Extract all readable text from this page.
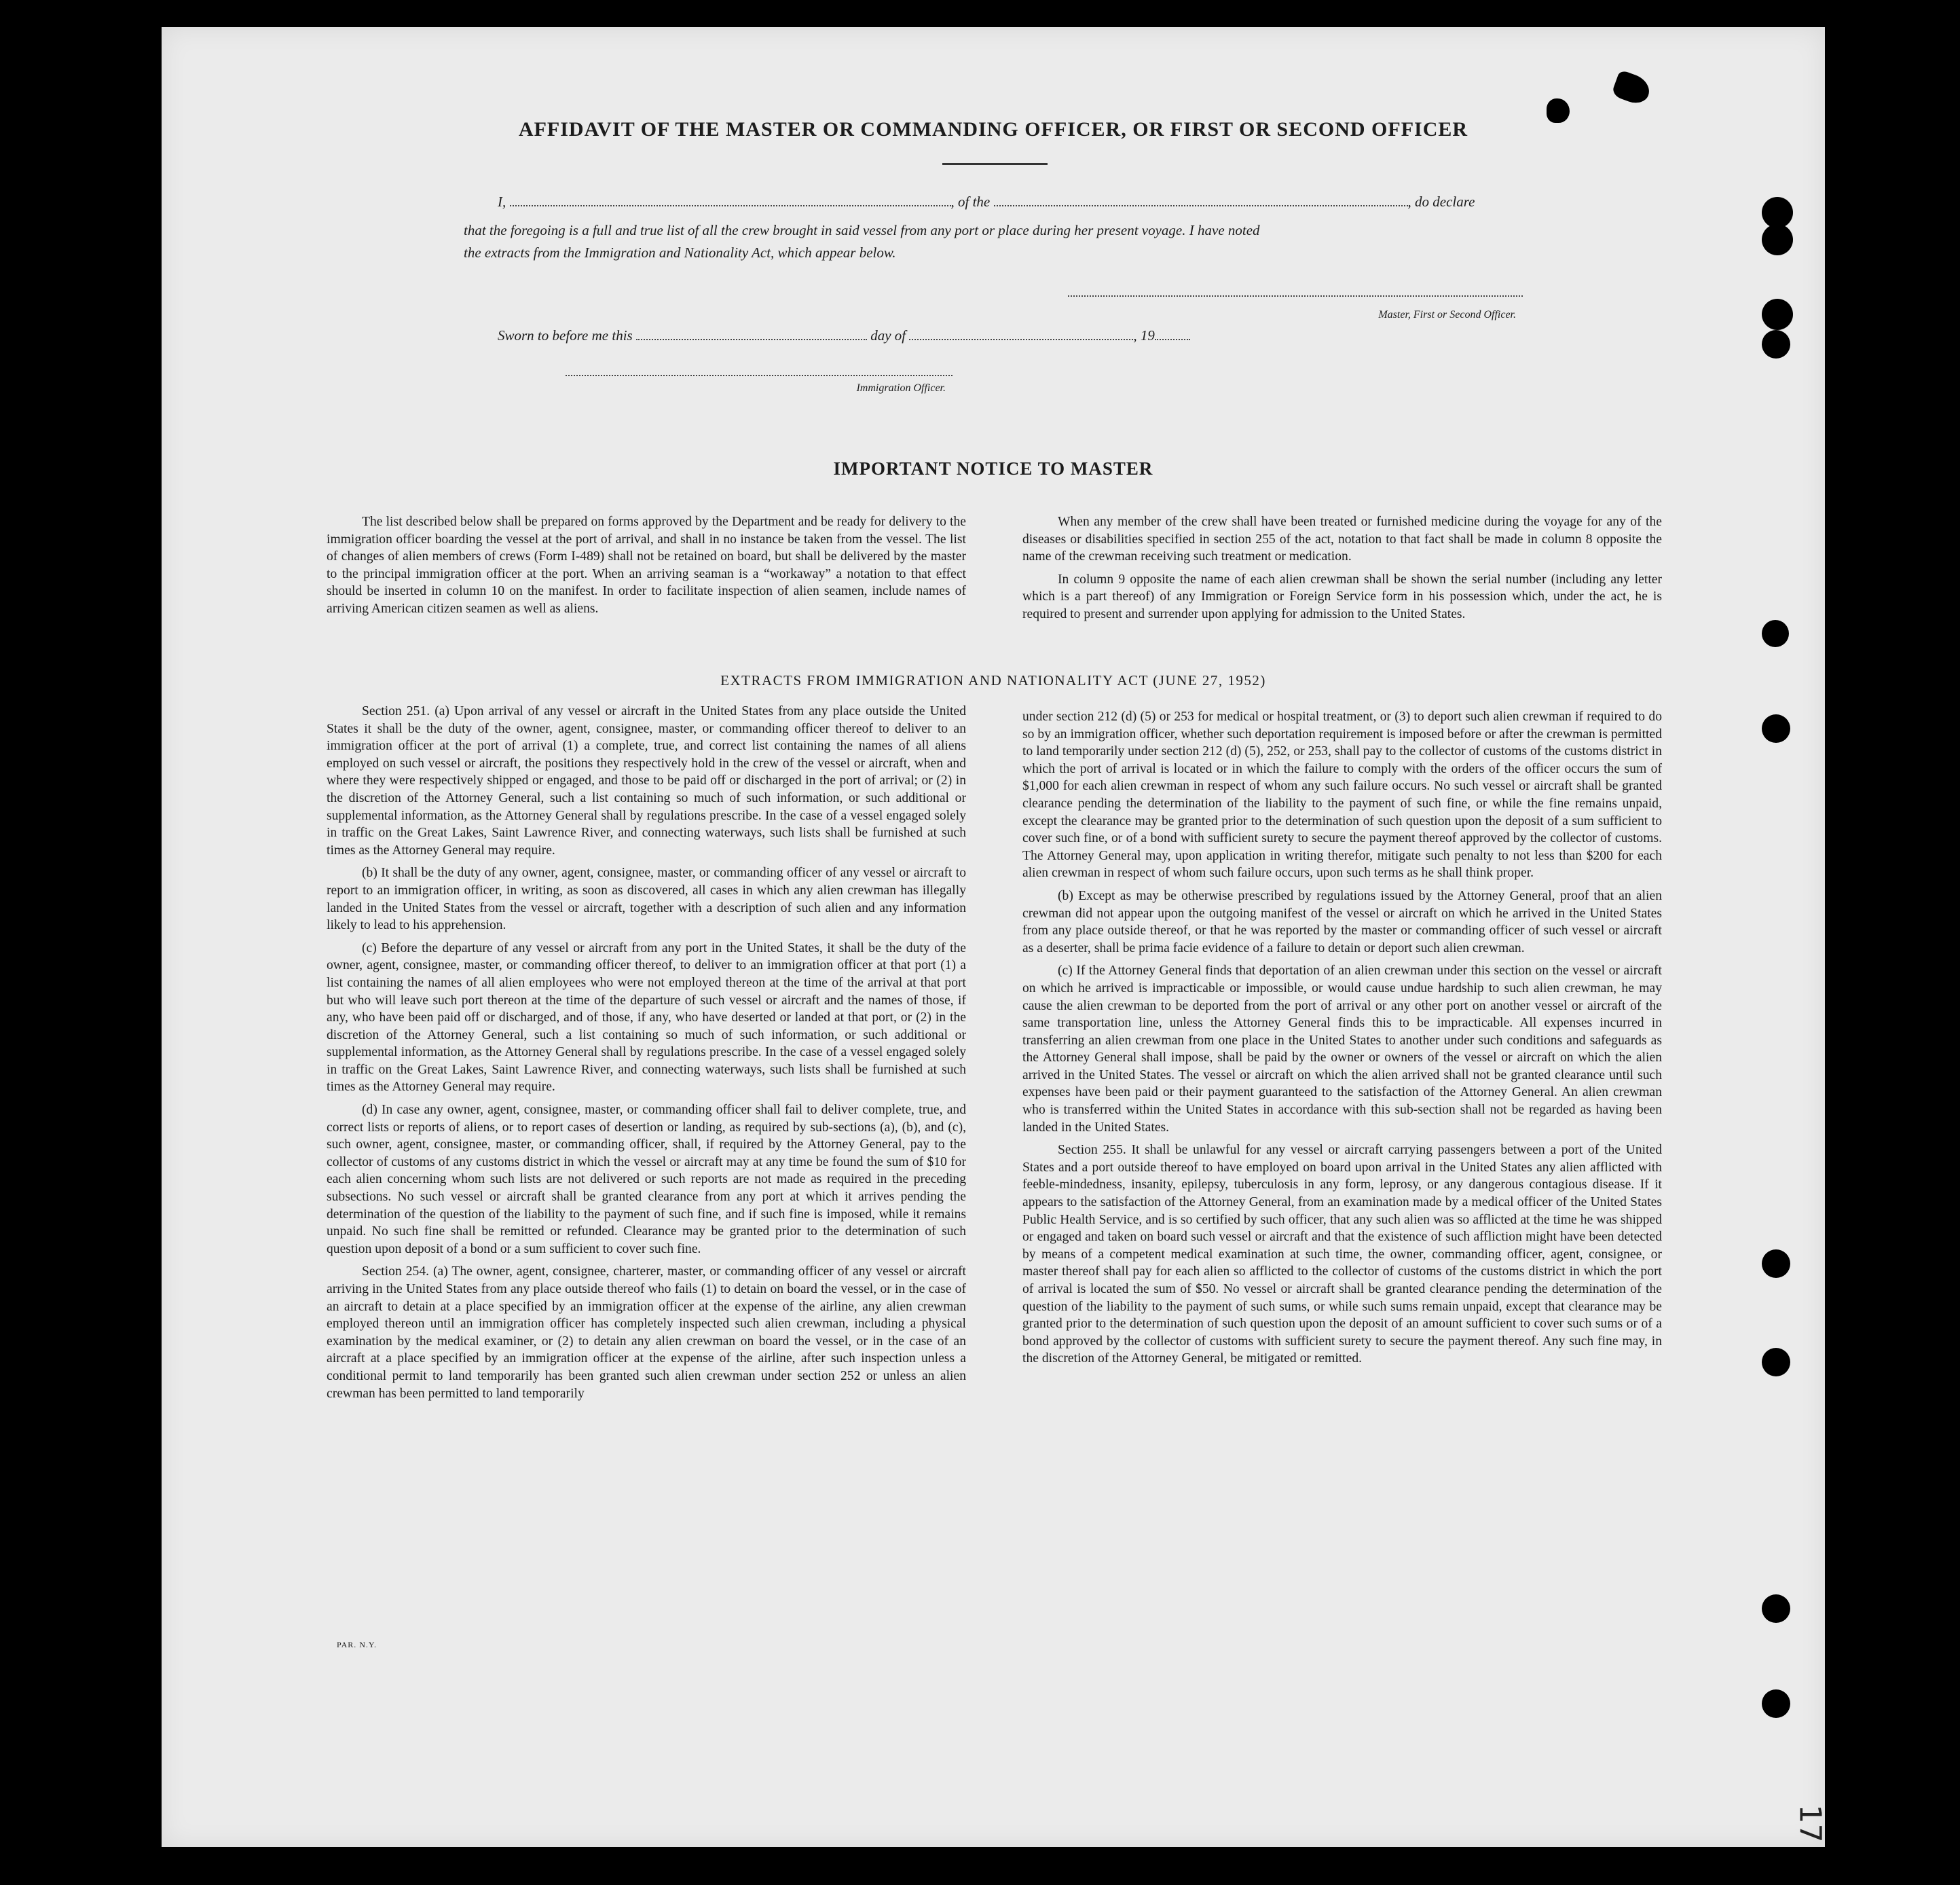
AFFIDAVIT OF THE MASTER OR COMMANDING OFFICER, OR FIRST OR SECOND OFFICER
I,	, of the	, do declare
that the foregoing is a full and true list of all the crew brought in said vessel from any port or place during her present voyage. I have noted
the extracts from the Immigration and Nationality Act, which appear below.
Master, First or Second Officer.
Sworn to before me this	day of	, 19
Immigration Officer.
IMPORTANT NOTICE TO MASTER

The list described below shall be prepared on forms approved by the Department and be ready for delivery to the immigration officer boarding the vessel at the port of arrival, and shall in no instance be taken from the vessel. The list of changes of alien members of crews (Form I-489) shall not be retained on board, but shall be delivered by the master to the principal immigration officer at the port. When an arriving seaman is a “workaway” a notation to that effect should be inserted in column 10 on the manifest. In order to facilitate inspection of alien seamen, include names of arriving American citizen seamen as well as aliens.

When any member of the crew shall have been treated or furnished medicine during the voyage for any of the diseases or disabilities specified in section 255 of the act, notation to that fact shall be made in column 8 opposite the name of the crewman receiving such treatment or medication.

In column 9 opposite the name of each alien crewman shall be shown the serial number (including any letter which is a part thereof) of any Immigration or Foreign Service form in his possession which, under the act, he is required to present and surrender upon applying for admission to the United States.

EXTRACTS FROM IMMIGRATION AND NATIONALITY ACT (JUNE 27, 1952)

Section 251. (a) Upon arrival of any vessel or aircraft in the United States from any place outside the United States it shall be the duty of the owner, agent, consignee, master, or commanding officer thereof to deliver to an immigration officer at the port of arrival (1) a complete, true, and correct list containing the names of all aliens employed on such vessel or aircraft, the positions they respectively hold in the crew of the vessel or aircraft, when and where they were respectively shipped or engaged, and those to be paid off or discharged in the port of arrival; or (2) in the discretion of the Attorney General, such a list containing so much of such information, or such additional or supplemental information, as the Attorney General shall by regulations prescribe. In the case of a vessel engaged solely in traffic on the Great Lakes, Saint Lawrence River, and connecting waterways, such lists shall be furnished at such times as the Attorney General may require.

(b) It shall be the duty of any owner, agent, consignee, master, or commanding officer of any vessel or aircraft to report to an immigration officer, in writing, as soon as discovered, all cases in which any alien crewman has illegally landed in the United States from the vessel or aircraft, together with a description of such alien and any information likely to lead to his apprehension.

(c) Before the departure of any vessel or aircraft from any port in the United States, it shall be the duty of the owner, agent, consignee, master, or commanding officer thereof, to deliver to an immigration officer at that port (1) a list containing the names of all alien employees who were not employed thereon at the time of the arrival at that port but who will leave such port thereon at the time of the departure of such vessel or aircraft and the names of those, if any, who have been paid off or discharged, and of those, if any, who have deserted or landed at that port, or (2) in the discretion of the Attorney General, such a list containing so much of such information, or such additional or supplemental information, as the Attorney General shall by regulations prescribe. In the case of a vessel engaged solely in traffic on the Great Lakes, Saint Lawrence River, and connecting waterways, such lists shall be furnished at such times as the Attorney General may require.

(d) In case any owner, agent, consignee, master, or commanding officer shall fail to deliver complete, true, and correct lists or reports of aliens, or to report cases of desertion or landing, as required by sub-sections (a), (b), and (c), such owner, agent, consignee, master, or commanding officer, shall, if required by the Attorney General, pay to the collector of customs of any customs district in which the vessel or aircraft may at any time be found the sum of $10 for each alien concerning whom such lists are not delivered or such reports are not made as required in the preceding subsections. No such vessel or aircraft shall be granted clearance from any port at which it arrives pending the determination of the question of the liability to the payment of such fine, and if such fine is imposed, while it remains unpaid. No such fine shall be remitted or refunded. Clearance may be granted prior to the determination of such question upon deposit of a bond or a sum sufficient to cover such fine.

Section 254. (a) The owner, agent, consignee, charterer, master, or commanding officer of any vessel or aircraft arriving in the United States from any place outside thereof who fails (1) to detain on board the vessel, or in the case of an aircraft to detain at a place specified by an immigration officer at the expense of the airline, any alien crewman employed thereon until an immigration officer has completely inspected such alien crewman, including a physical examination by the medical examiner, or (2) to detain any alien crewman on board the vessel, or in the case of an aircraft at a place specified by an immigration officer at the expense of the airline, after such inspection unless a conditional permit to land temporarily has been granted such alien crewman under section 252 or unless an alien crewman has been permitted to land temporarily

under section 212 (d) (5) or 253 for medical or hospital treatment, or (3) to deport such alien crewman if required to do so by an immigration officer, whether such deportation requirement is imposed before or after the crewman is permitted to land temporarily under section 212 (d) (5), 252, or 253, shall pay to the collector of customs of the customs district in which the port of arrival is located or in which the failure to comply with the orders of the officer occurs the sum of $1,000 for each alien crewman in respect of whom any such failure occurs. No such vessel or aircraft shall be granted clearance pending the determination of the liability to the payment of such fine, or while the fine remains unpaid, except the clearance may be granted prior to the determination of such question upon the deposit of a sum sufficient to cover such fine, or of a bond with sufficient surety to secure the payment thereof approved by the collector of customs. The Attorney General may, upon application in writing therefor, mitigate such penalty to not less than $200 for each alien crewman in respect of whom such failure occurs, upon such terms as he shall think proper.

(b) Except as may be otherwise prescribed by regulations issued by the Attorney General, proof that an alien crewman did not appear upon the outgoing manifest of the vessel or aircraft on which he arrived in the United States from any place outside thereof, or that he was reported by the master or commanding officer of such vessel or aircraft as a deserter, shall be prima facie evidence of a failure to detain or deport such alien crewman.

(c) If the Attorney General finds that deportation of an alien crewman under this section on the vessel or aircraft on which he arrived is impracticable or impossible, or would cause undue hardship to such alien crewman, he may cause the alien crewman to be deported from the port of arrival or any other port on another vessel or aircraft of the same transportation line, unless the Attorney General finds this to be impracticable. All expenses incurred in transferring an alien crewman from one place in the United States to another under such conditions and safeguards as the Attorney General shall impose, shall be paid by the owner or owners of the vessel or aircraft on which the alien arrived in the United States. The vessel or aircraft on which the alien arrived shall not be granted clearance until such expenses have been paid or their payment guaranteed to the satisfaction of the Attorney General. An alien crewman who is transferred within the United States in accordance with this sub-section shall not be regarded as having been landed in the United States.

Section 255. It shall be unlawful for any vessel or aircraft carrying passengers between a port of the United States and a port outside thereof to have employed on board upon arrival in the United States any alien afflicted with feeble-mindedness, insanity, epilepsy, tuberculosis in any form, leprosy, or any dangerous contagious disease. If it appears to the satisfaction of the Attorney General, from an examination made by a medical officer of the United States Public Health Service, and is so certified by such officer, that any such alien was so afflicted at the time he was shipped or engaged and taken on board such vessel or aircraft and that the existence of such affliction might have been detected by means of a competent medical examination at such time, the owner, commanding officer, agent, consignee, or master thereof shall pay for each alien so afflicted to the collector of customs of the customs district in which the port of arrival is located the sum of $50. No vessel or aircraft shall be granted clearance pending the determination of the question of the liability to the payment of such sums, or while such sums remain unpaid, except that clearance may be granted prior to the determination of such question upon the deposit of an amount sufficient to cover such sums or of a bond approved by the collector of customs with sufficient surety to secure the payment thereof. Any such fine may, in the discretion of the Attorney General, be mitigated or remitted.

PAR. N.Y.
17
